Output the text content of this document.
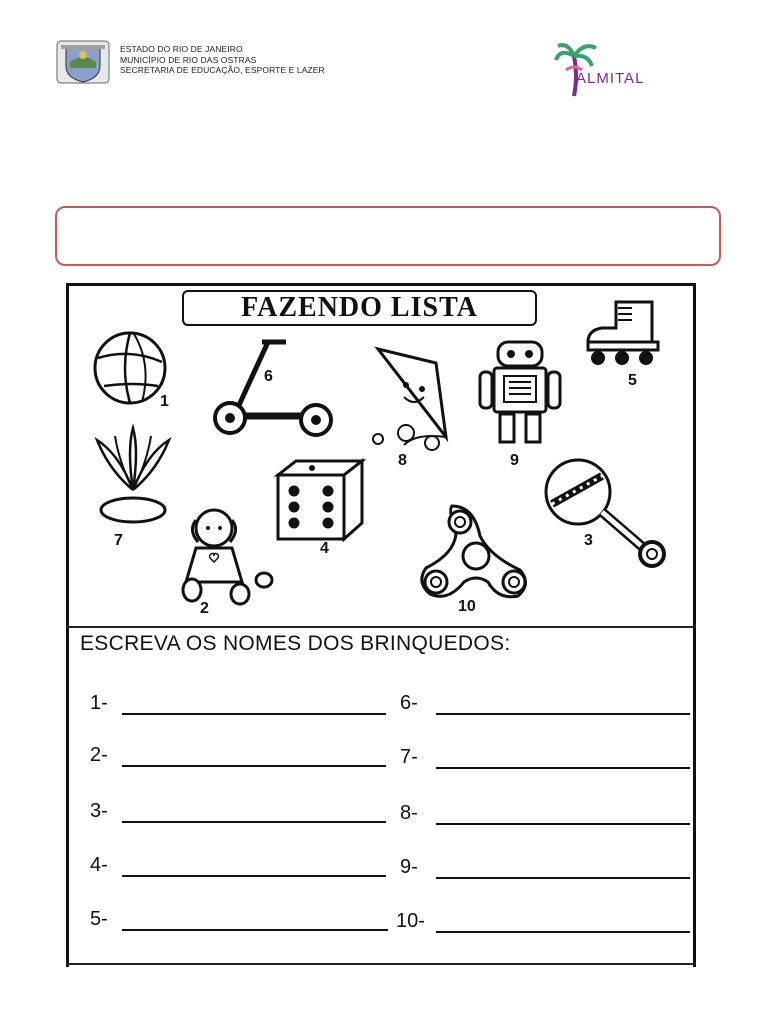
ESTADO DO RIO DE JANEIRO
MUNICÍPIO DE RIO DAS OSTRAS
SECRETARIA DE EDUCAÇÃO, ESPORTE E LAZER	ALMITAL
FAZENDO LISTA
1
6
8	9
5
7	4	3
2	10
ESCREVA OS NOMES DOS BRINQUEDOS:
1-
2-
3-
4-
5-
6-
7-
8-
9-
10-
